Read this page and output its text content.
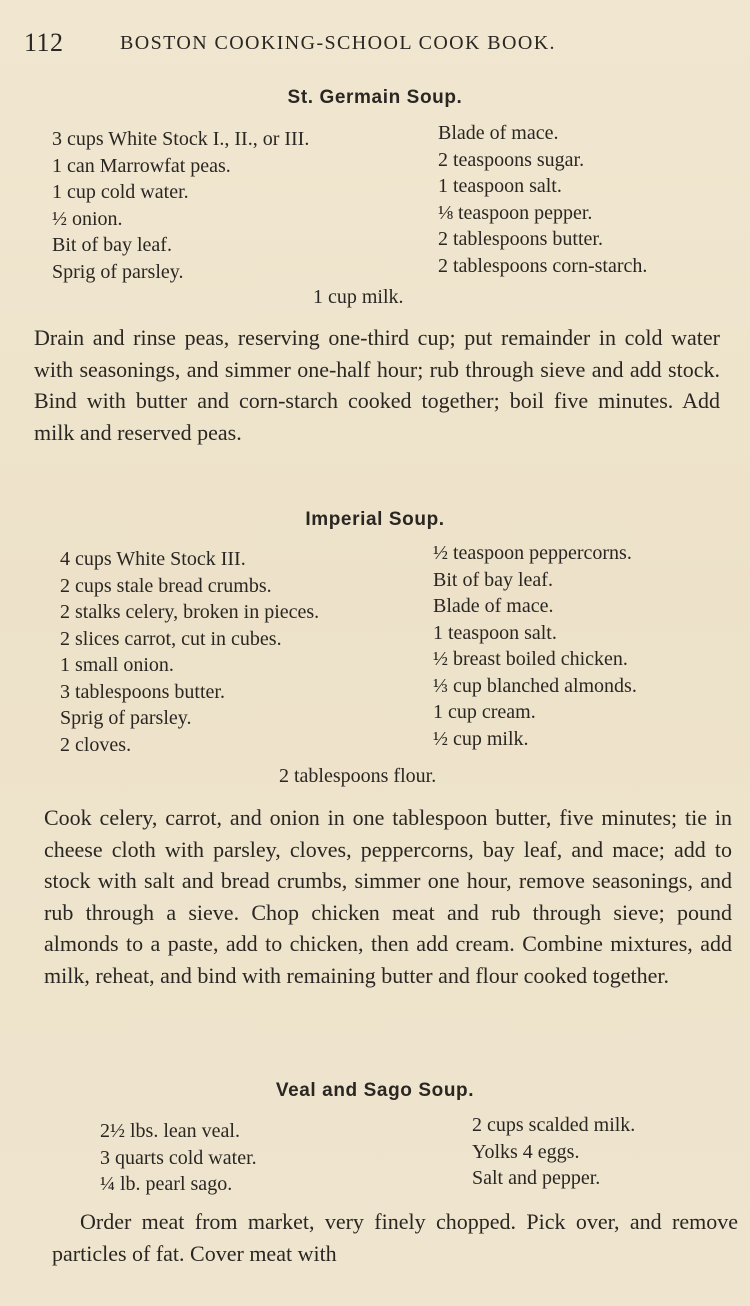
112	BOSTON COOKING-SCHOOL COOK BOOK.
St. Germain Soup.
3 cups White Stock I., II., or III.
1 can Marrowfat peas.
1 cup cold water.
½ onion.
Bit of bay leaf.
Sprig of parsley.
Blade of mace.
2 teaspoons sugar.
1 teaspoon salt.
⅛ teaspoon pepper.
2 tablespoons butter.
2 tablespoons corn-starch.
1 cup milk.

Drain and rinse peas, reserving one-third cup; put remainder in cold water with seasonings, and simmer one-half hour; rub through sieve and add stock. Bind with butter and corn-starch cooked together; boil five minutes. Add milk and reserved peas.

Imperial Soup.
4 cups White Stock III.
2 cups stale bread crumbs.
2 stalks celery, broken in pieces.
2 slices carrot, cut in cubes.
1 small onion.
3 tablespoons butter.
Sprig of parsley.
2 cloves.
½ teaspoon peppercorns.
Bit of bay leaf.
Blade of mace.
1 teaspoon salt.
½ breast boiled chicken.
⅓ cup blanched almonds.
1 cup cream.
½ cup milk.
2 tablespoons flour.

Cook celery, carrot, and onion in one tablespoon butter, five minutes; tie in cheese cloth with parsley, cloves, peppercorns, bay leaf, and mace; add to stock with salt and bread crumbs, simmer one hour, remove seasonings, and rub through a sieve. Chop chicken meat and rub through sieve; pound almonds to a paste, add to chicken, then add cream. Combine mixtures, add milk, reheat, and bind with remaining butter and flour cooked together.

Veal and Sago Soup.
2½ lbs. lean veal.
3 quarts cold water.
¼ lb. pearl sago.
2 cups scalded milk.
Yolks 4 eggs.
Salt and pepper.

Order meat from market, very finely chopped. Pick over, and remove particles of fat. Cover meat with
